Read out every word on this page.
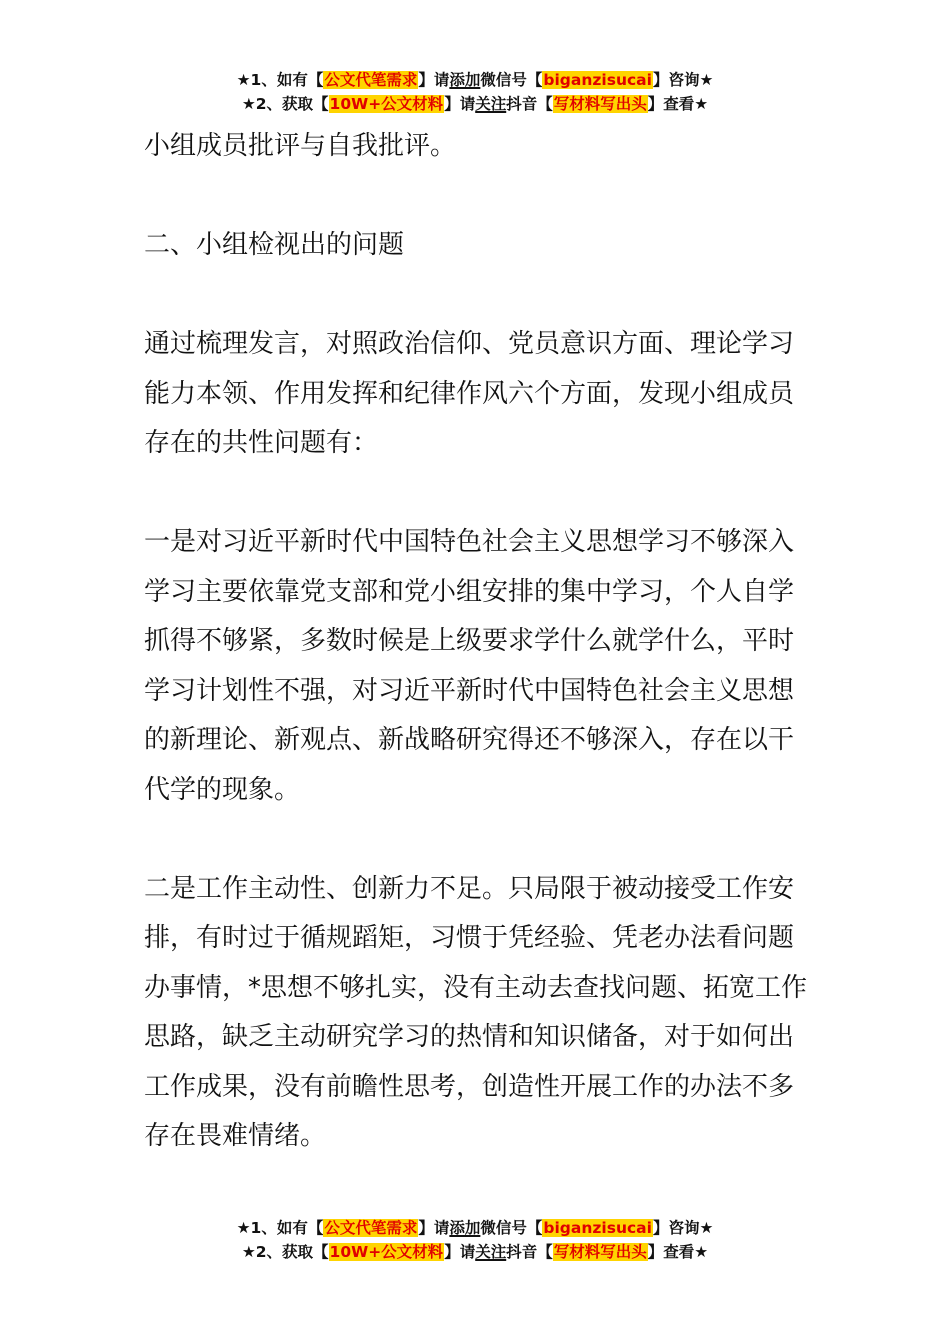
★1、如有【公文代笔需求】请添加微信号【biganzisucai】咨询★
★2、获取【10W+公文材料】请关注抖音【写材料写出头】查看★

小组成员批评与自我批评。

二、小组检视出的问题

通过梳理发言，对照政治信仰、党员意识方面、理论学习
能力本领、作用发挥和纪律作风六个方面，发现小组成员
存在的共性问题有：

一是对习近平新时代中国特色社会主义思想学习不够深入
学习主要依靠党支部和党小组安排的集中学习，个人自学
抓得不够紧，多数时候是上级要求学什么就学什么，平时
学习计划性不强，对习近平新时代中国特色社会主义思想
的新理论、新观点、新战略研究得还不够深入，存在以干
代学的现象。

二是工作主动性、创新力不足。只局限于被动接受工作安
排，有时过于循规蹈矩，习惯于凭经验、凭老办法看问题
办事情，*思想不够扎实，没有主动去查找问题、拓宽工作
思路，缺乏主动研究学习的热情和知识储备，对于如何出
工作成果，没有前瞻性思考，创造性开展工作的办法不多
存在畏难情绪。

★1、如有【公文代笔需求】请添加微信号【biganzisucai】咨询★
★2、获取【10W+公文材料】请关注抖音【写材料写出头】查看★
